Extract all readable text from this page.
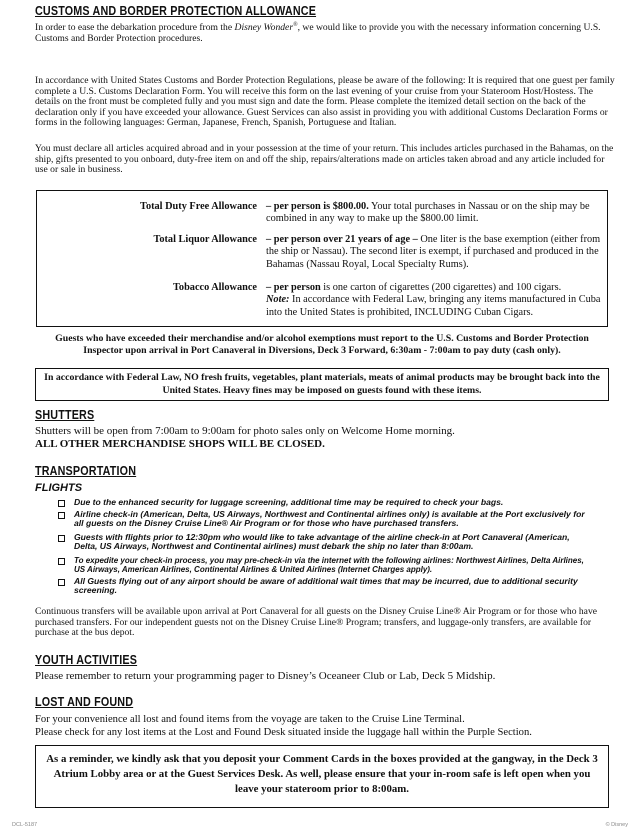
CUSTOMS AND BORDER PROTECTION ALLOWANCE
In order to ease the debarkation procedure from the Disney Wonder®, we would like to provide you with the necessary information concerning U.S. Customs and Border Protection procedures.
In accordance with United States Customs and Border Protection Regulations, please be aware of the following: It is required that one guest per family complete a U.S. Customs Declaration Form. You will receive this form on the last evening of your cruise from your Stateroom Host/Hostess. The details on the front must be completed fully and you must sign and date the form. Please complete the itemized detail section on the back of the declaration only if you have exceeded your allowance. Guest Services can also assist in providing you with additional Customs Declaration Forms or forms in the following languages: German, Japanese, French, Spanish, Portuguese and Italian.
You must declare all articles acquired abroad and in your possession at the time of your return. This includes articles purchased in the Bahamas, on the ship, gifts presented to you onboard, duty-free item on and off the ship, repairs/alterations made on articles taken abroad and any article included for use or sale in business.
Total Duty Free Allowance – per person is $800.00. Your total purchases in Nassau or on the ship may be combined in any way to make up the $800.00 limit.
Total Liquor Allowance – per person over 21 years of age – One liter is the base exemption (either from the ship or Nassau). The second liter is exempt, if purchased and produced in the Bahamas (Nassau Royal, Local Specialty Rums).
Tobacco Allowance – per person is one carton of cigarettes (200 cigarettes) and 100 cigars.
Note: In accordance with Federal Law, bringing any items manufactured in Cuba into the United States is prohibited, INCLUDING Cuban Cigars.
Guests who have exceeded their merchandise and/or alcohol exemptions must report to the U.S. Customs and Border Protection Inspector upon arrival in Port Canaveral in Diversions, Deck 3 Forward, 6:30am - 7:00am to pay duty (cash only).
In accordance with Federal Law, NO fresh fruits, vegetables, plant materials, meats of animal products may be brought back into the United States. Heavy fines may be imposed on guests found with these items.
SHUTTERS
Shutters will be open from 7:00am to 9:00am for photo sales only on Welcome Home morning.
ALL OTHER MERCHANDISE SHOPS WILL BE CLOSED.
TRANSPORTATION
FLIGHTS
Due to the enhanced security for luggage screening, additional time may be required to check your bags.
Airline check-in (American, Delta, US Airways, Northwest and Continental airlines only) is available at the Port exclusively for all guests on the Disney Cruise Line® Air Program or for those who have purchased transfers.
Guests with flights prior to 12:30pm who would like to take advantage of the airline check-in at Port Canaveral (American, Delta, US Airways, Northwest and Continental airlines) must debark the ship no later than 8:00am.
To expedite your check-in process, you may pre-check-in via the internet with the following airlines: Northwest Airlines, Delta Airlines, US Airways, American Airlines, Continental Airlines & United Airlines (Internet Charges apply).
All Guests flying out of any airport should be aware of additional wait times that may be incurred, due to additional security screening.
Continuous transfers will be available upon arrival at Port Canaveral for all guests on the Disney Cruise Line® Air Program or for those who have purchased transfers. For our independent guests not on the Disney Cruise Line® Program; transfers, and luggage-only transfers, are available for purchase at the bus depot.
YOUTH ACTIVITIES
Please remember to return your programming pager to Disney’s Oceaneer Club or Lab, Deck 5 Midship.
LOST AND FOUND
For your convenience all lost and found items from the voyage are taken to the Cruise Line Terminal.
Please check for any lost items at the Lost and Found Desk situated inside the luggage hall within the Purple Section.
As a reminder, we kindly ask that you deposit your Comment Cards in the boxes provided at the gangway, in the Deck 3 Atrium Lobby area or at the Guest Services Desk. As well, please ensure that your in-room safe is left open when you leave your stateroom prior to 8:00am.
DCL-5187	© Disney
